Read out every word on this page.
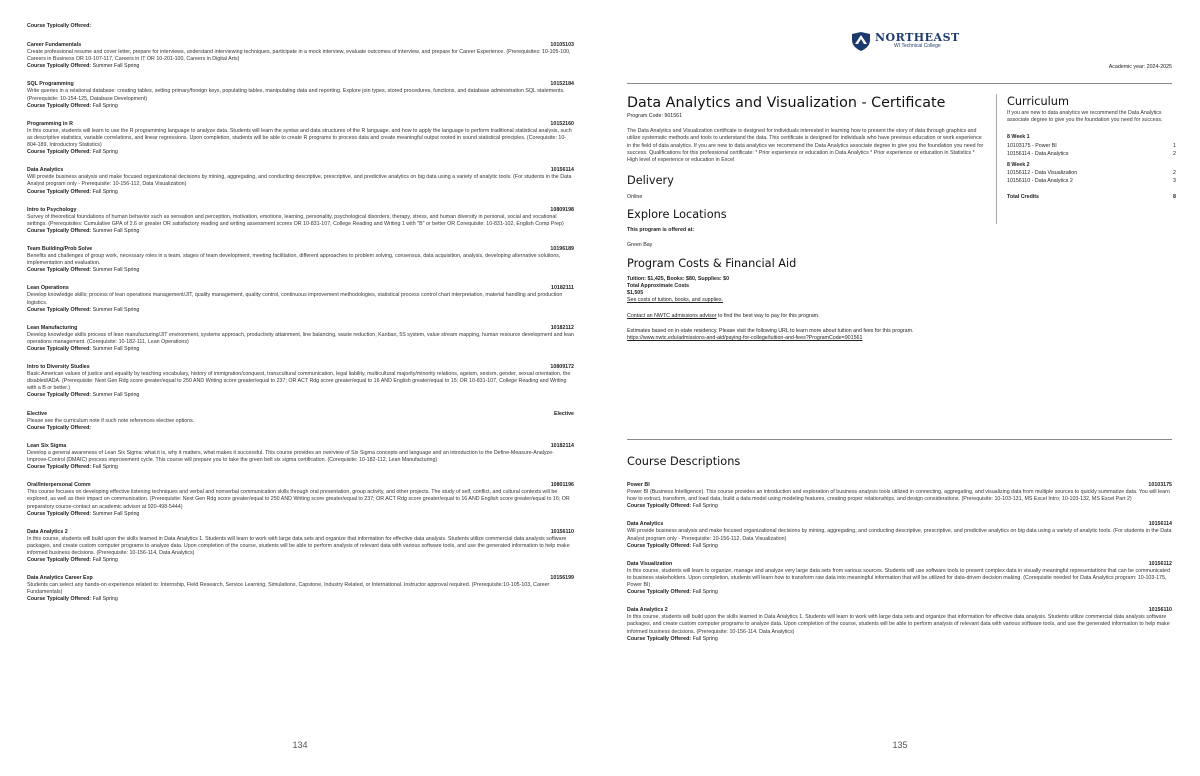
Course Typically Offered:
Career Fundamentals	10105103
Create professional resume and cover letter, prepare for interviews, understand interviewing techniques, participate in a mock interview, evaluate outcomes of interview, and prepare for Career Experience. (Prerequisites: 10-105-100, Careers in Business OR 10-107-117, Careers in IT OR 10-201-100, Careers in Digital Arts)
Course Typically Offered: Summer Fall Spring
SQL Programming	10152184
Write queries in a relational database: creating tables, setting primary/foreign keys, populating tables, manipulating data and reporting. Explore join types, stored procedures, functions, and database administration SQL statements. (Prerequisite: 10-154-125, Database Development)
Course Typically Offered: Fall Spring
Programming in R	10152160
In this course, students will learn to use the R programming language to analyze data. Students will learn the syntax and data structures of the R language, and how to apply the language to perform traditional statistical analysis, such as descriptive statistics, variable correlations, and linear regressions. Upon completion, students will be able to create R programs to process data and create meaningful output rooted in sound statistical principles. (Corequisite: 10-804-189, Introductory Statistics)
Course Typically Offered: Fall Spring
Data Analytics	10156114
Will provide business analysis and make focused organizational decisions by mining, aggregating, and conducting descriptive, prescriptive, and predictive analytics on big data using a variety of analytic tools. (For students in the Data Analyst program only - Prerequisite: 10-156-112, Data Visualization)
Course Typically Offered: Fall Spring
Intro to Psychology	10809198
Survey of theoretical foundations of human behavior such as sensation and perception, motivation, emotions, learning, personality, psychological disorders, therapy, stress, and human diversity in personal, social and vocational settings. (Prerequisites: Cumulative GPA of 2.6 or greater OR satisfactory reading and writing assessment scores OR 10-831-107, College Reading and Writing 1 with "B" or better OR Corequisite: 10-831-102, English Comp Prep)
Course Typically Offered: Summer Fall Spring
Team Building/Prob Solve	10196189
Benefits and challenges of group work, necessary roles in a team, stages of team development, meeting facilitation, different approaches to problem solving, consensus, data acquisition, analysis, developing alternative solutions, implementation and evaluation.
Course Typically Offered: Summer Fall Spring
Lean Operations	10182111
Develop knowledge skills; process of lean operations management/JIT, quality management, quality control, continuous improvement methodologies, statistical process control chart interpretation, material handling and production logistics.
Course Typically Offered: Summer Fall Spring
Lean Manufacturing	10182112
Develop knowledge skills process of lean manufacturing/JIT environment, systems approach, productivity attainment, line balancing, waste reduction, Kanban, 5S system, value stream mapping, human resource development and lean operations management. (Corequisite: 10-182-111, Lean Operations)
Course Typically Offered: Summer Fall Spring
Intro to Diversity Studies	10809172
Basic American values of justice and equality by teaching vocabulary, history of immigration/conquest, transcultural communication, legal liability, multicultural majority/minority relations, ageism, sexism, gender, sexual orientation, the disabled/ADA. (Prerequisite: Next Gen Rdg score greater/equal to 250 AND Writing score greater/equal to 237; OR ACT Rdg score greater/equal to 16 AND English greater/equal to 15; OR 10-831-107, College Reading and Writing with a B or better.)
Course Typically Offered: Summer Fall Spring
Elective	Elective
Please see the curriculum note if such note references elective options.
Course Typically Offered:
Lean Six Sigma	10182114
Develop a general awareness of Lean Six Sigma: what it is, why it matters, what makes it successful. This course provides an overview of Six Sigma concepts and language and an introduction to the Define-Measure-Analyze-Improve-Control (DMAIC) process improvement cycle. This course will prepare you to take the green belt six sigma certification. (Corequisite: 10-182-112, Lean Manufacturing)
Course Typically Offered: Fall Spring
Oral/Interpersonal Comm	10801196
This course focuses on developing effective listening techniques and verbal and nonverbal communication skills through oral presentation, group activity, and other projects. The study of self, conflict, and cultural contexts will be explored, as well as their impact on communication. (Prerequisite: Next Gen Rdg score greater/equal to 250 AND Writing score greater/equal to 237; OR ACT Rdg score greater/equal to 16 AND English score greater/equal to 16; OR preparatory course-contact an academic advisor at 920-498-5444)
Course Typically Offered: Summer Fall Spring
Data Analytics 2	10156110
In this course, students will build upon the skills learned in Data Analytics 1. Students will learn to work with large data sets and organize that information for effective data analysis. Students utilize commercial data analysis software packages, and create custom computer programs to analyze data. Upon completion of the course, students will be able to perform analysis of relevant data with various software tools, and use the generated information to help make informed business decisions. (Prerequisite: 10-156-114, Data Analytics)
Course Typically Offered: Fall Spring
Data Analytics Career Exp	10156199
Students can select any hands-on experience related to: Internship, Field Research, Service Learning, Simulations, Capstone, Industry Related, or International. Instructor approval required. (Prerequisite:10-105-103, Career Fundamentals)
Course Typically Offered: Fall Spring
134
NORTHEAST
WI Technical College
Academic year: 2024-2025
Data Analytics and Visualization - Certificate
Program Code: 901561
The Data Analytics and Visualization certificate is designed for individuals interested in learning how to present the story of data through graphics and utilize systematic methods and tools to understand the data. This certificate is designed for individuals who have previous education or work experience in the field of data analytics. If you are new to data analytics we recommend the Data Analytics associate degree to give you the foundation you need for success. Qualifications for this professional certificate: * Prior experience or education in Data Analytics * Prior experience or education in Statistics * High level of experience or education in Excel
Delivery
Online
Explore Locations
This program is offered at:
Green Bay
Program Costs & Financial Aid
Tuition: $1,425, Books: $80, Supplies: $0
Total Approximate Costs
$1,505
See costs of tuition, books, and supplies.
Contact an NWTC admissions advisor to find the best way to pay for this program.
Estimates based on in-state residency. Please visit the following URL to learn more about tuition and fees for this program.
https://www.nwtc.edu/admissions-and-aid/paying-for-college/tuition-and-fees?ProgramCode=901561
Curriculum
If you are new to data analytics we recommend the Data Analytics associate degree to give you the foundation you need for success.
8 Week 1
10103175 - Power BI	1
10156114 - Data Analytics	2
8 Week 2
10156112 - Data Visualization	2
10156110 - Data Analytics 2	3
Total Credits	8
Course Descriptions
Power BI	10103175
Power BI (Business Intelligence). This course provides an introduction and exploration of business analysis tools utilized in connecting, aggregating, and visualizing data from multiple sources to quickly summarize data. You will learn how to extract, transform, and load data, build a data model using modeling features, creating proper relationships, and design considerations. (Prerequisite: 10-103-131, MS Excel Intro; 10-103-132, MS Excel Part 2)
Course Typically Offered: Fall Spring
Data Analytics	10156114
Will provide business analysis and make focused organizational decisions by mining, aggregating, and conducting descriptive, prescriptive, and predictive analytics on big data using a variety of analytic tools. (For students in the Data Analyst program only - Prerequisite: 10-156-112, Data Visualization)
Course Typically Offered: Fall Spring
Data Visualization	10156112
In this course, students will learn to organize, manage and analyze very large data sets from various sources. Students will use software tools to present complex data in visually meaningful representations that can be communicated to business stakeholders. Upon completion, students will learn how to transform raw data into meaningful information that will be utilized for data-driven decision making. (Corequisite needed for Data Analytics program: 10-103-175, Power BI)
Course Typically Offered: Fall Spring
Data Analytics 2	10156110
In this course, students will build upon the skills learned in Data Analytics 1. Students will learn to work with large data sets and organize that information for effective data analysis. Students utilize commercial data analysis software packages, and create custom computer programs to analyze data. Upon completion of the course, students will be able to perform analysis of relevant data with various software tools, and use the generated information to help make informed business decisions. (Prerequisite: 10-156-114, Data Analytics)
Course Typically Offered: Fall Spring
135
